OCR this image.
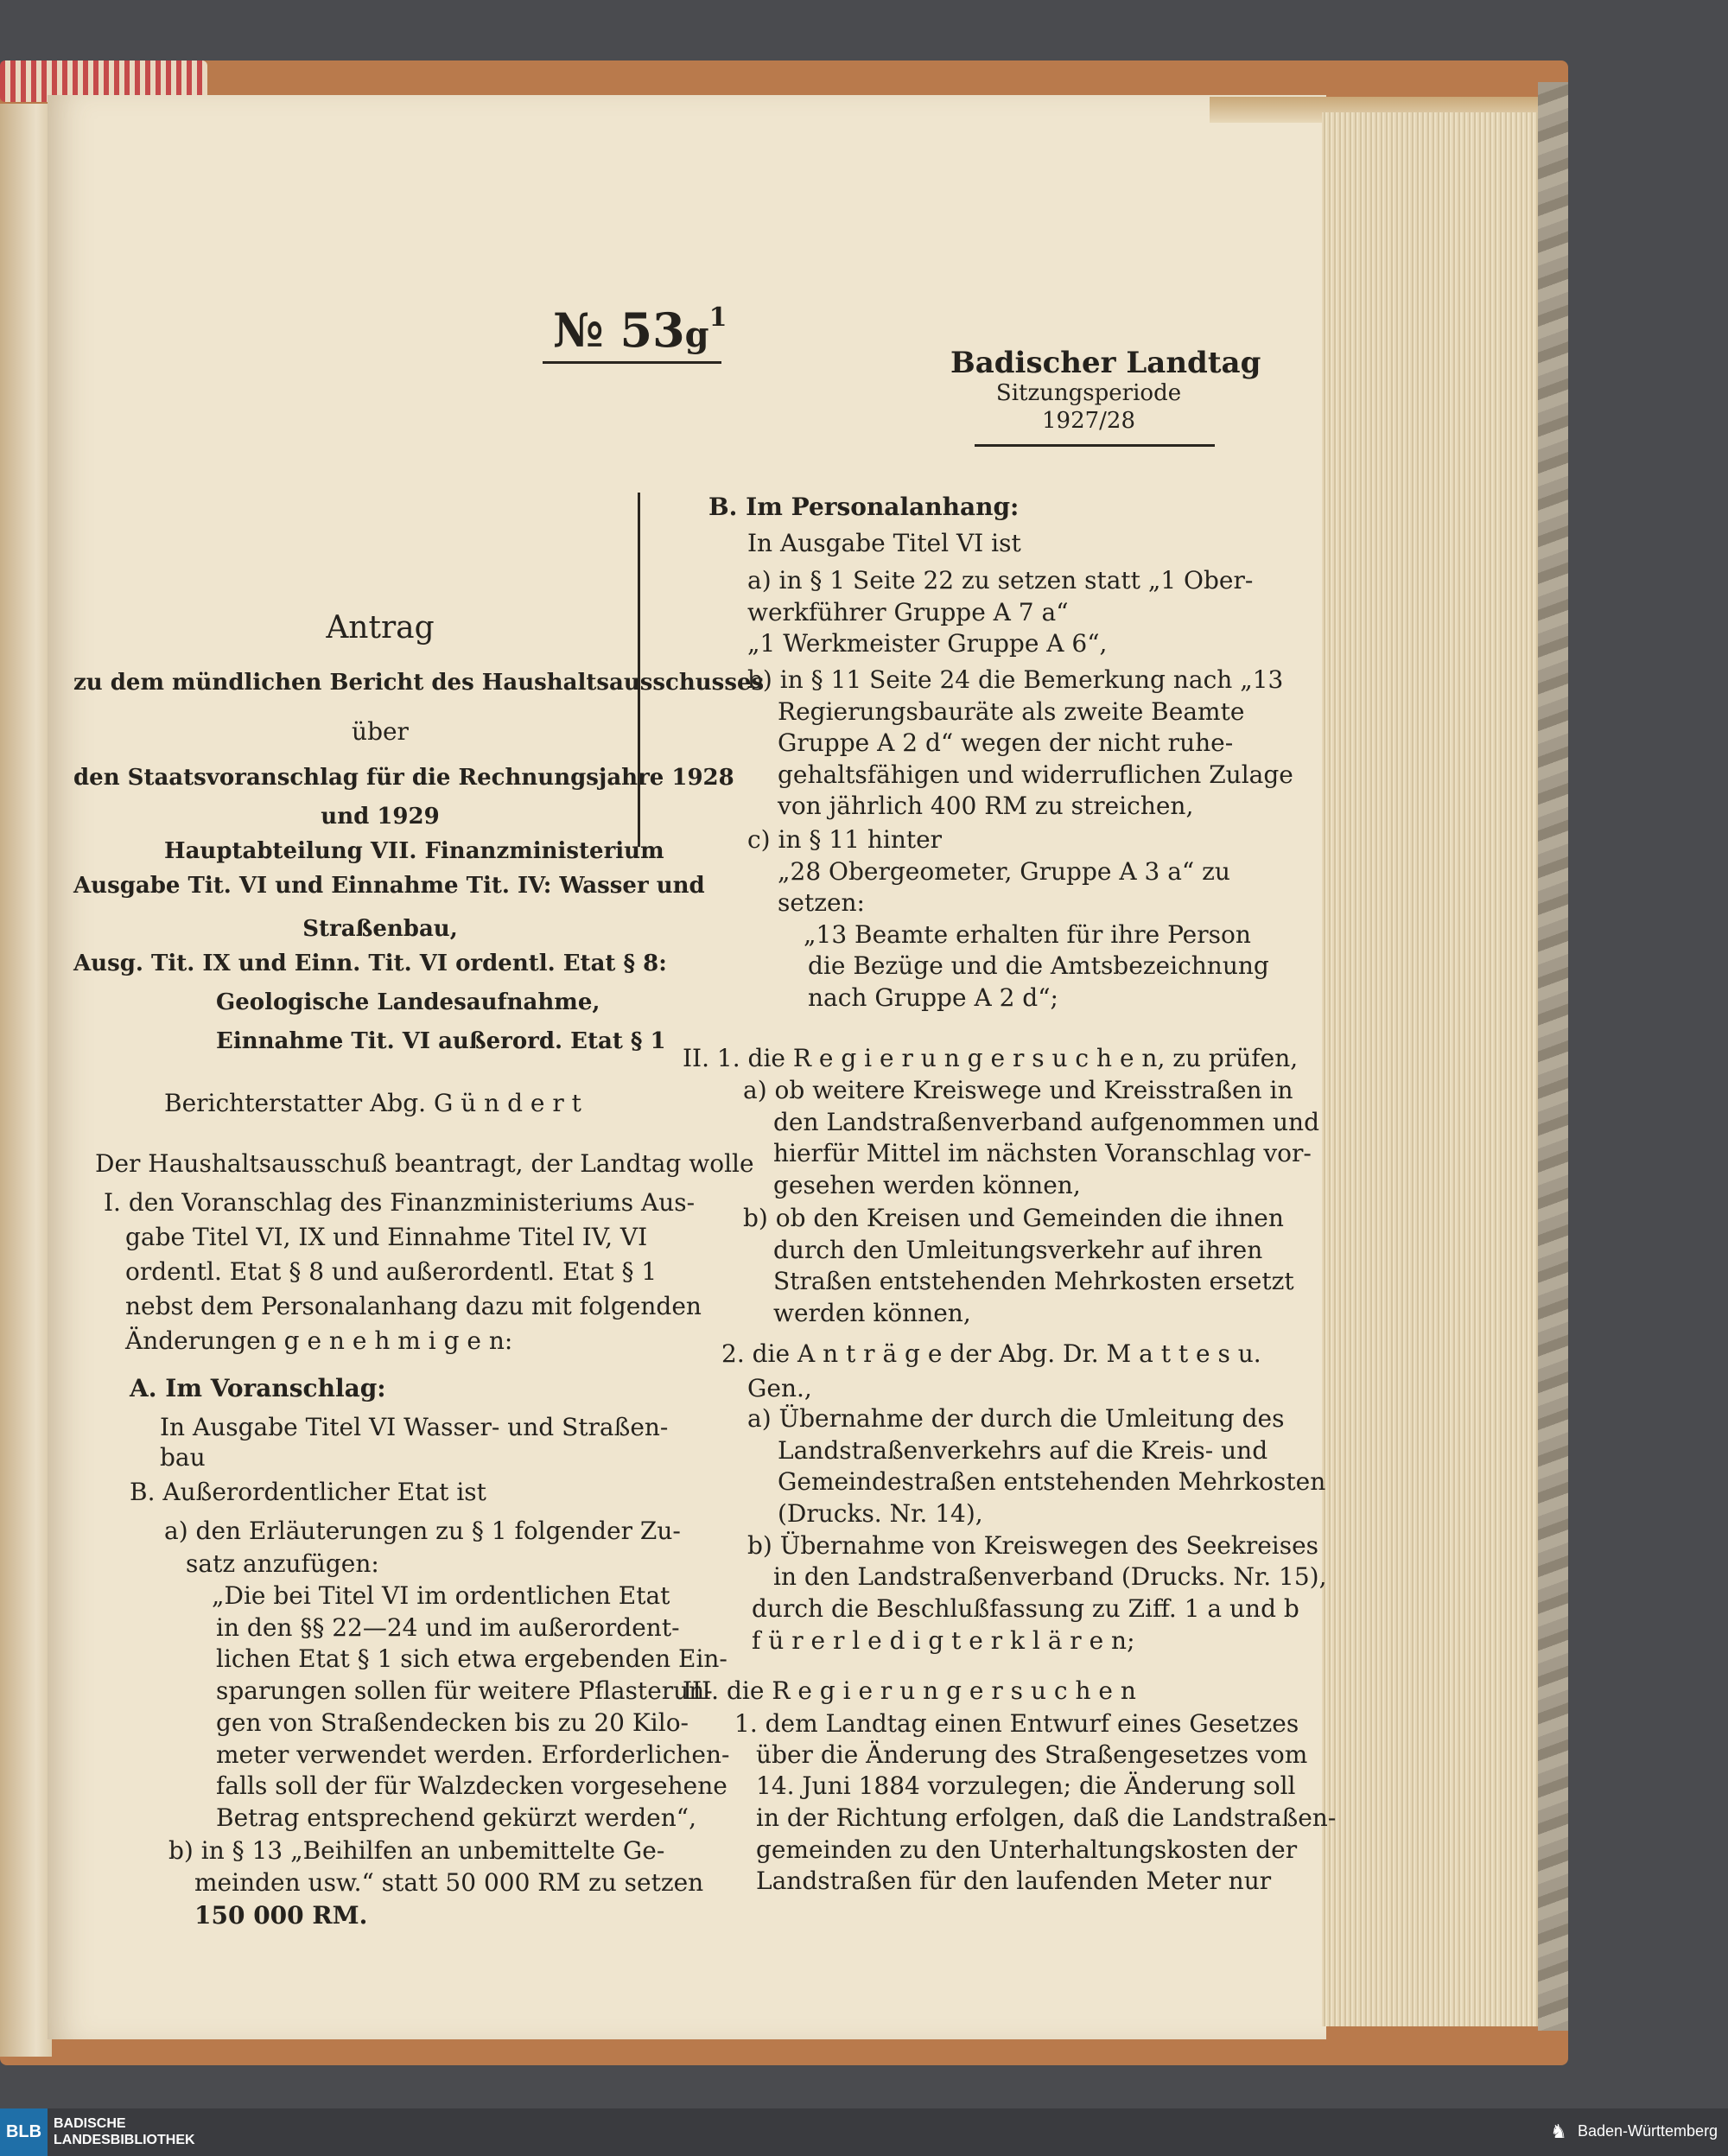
№ $53g^1$
Badischer Landtag
Sitzungsperiode
1927/28
Antrag
zu dem mündlichen Bericht des Haushaltsausschusses
über
den Staatsvoranschlag für die Rechnungsjahre 1928
und 1929
Hauptabteilung VII. Finanzministerium
Ausgabe Tit. VI und Einnahme Tit. IV: Wasser und
Straßenbau,
Ausg. Tit. IX und Einn. Tit. VI ordentl. Etat § 8:
Geologische Landesaufnahme,
Einnahme Tit. VI außerord. Etat § 1
Berichterstatter Abg. G ü n d e r t
Der Haushaltsausschuß beantragt, der Landtag wolle
I. den Voranschlag des Finanzministeriums Aus-
gabe Titel VI, IX und Einnahme Titel IV, VI
ordentl. Etat § 8 und außerordentl. Etat § 1
nebst dem Personalanhang dazu mit folgenden
Änderungen g e n e h m i g e n:
A. Im Voranschlag:
In Ausgabe Titel VI Wasser- und Straßen-
bau
B. Außerordentlicher Etat ist
a) den Erläuterungen zu § 1 folgender Zu-
satz anzufügen:
„Die bei Titel VI im ordentlichen Etat
in den §§ 22—24 und im außerordent-
lichen Etat § 1 sich etwa ergebenden Ein-
sparungen sollen für weitere Pflasterun-
gen von Straßendecken bis zu 20 Kilo-
meter verwendet werden. Erforderlichen-
falls soll der für Walzdecken vorgesehene
Betrag entsprechend gekürzt werden“,
b) in § 13 „Beihilfen an unbemittelte Ge-
meinden usw.“ statt 50 000 RM zu setzen
150 000 RM.
B. Im Personalanhang:
In Ausgabe Titel VI ist
a) in § 1 Seite 22 zu setzen statt „1 Ober-
werkführer Gruppe A 7 a“
„1 Werkmeister Gruppe A 6“,
b) in § 11 Seite 24 die Bemerkung nach „13
Regierungsbauräte als zweite Beamte
Gruppe A 2 d“ wegen der nicht ruhe-
gehaltsfähigen und widerruflichen Zulage
von jährlich 400 RM zu streichen,
c) in § 11 hinter
„28 Obergeometer, Gruppe A 3 a“ zu
setzen:
„13 Beamte erhalten für ihre Person
die Bezüge und die Amtsbezeichnung
nach Gruppe A 2 d“;
II. 1. die R e g i e r u n g e r s u c h e n, zu prüfen,
a) ob weitere Kreiswege und Kreisstraßen in
den Landstraßenverband aufgenommen und
hierfür Mittel im nächsten Voranschlag vor-
gesehen werden können,
b) ob den Kreisen und Gemeinden die ihnen
durch den Umleitungsverkehr auf ihren
Straßen entstehenden Mehrkosten ersetzt
werden können,
2. die A n t r ä g e der Abg. Dr. M a t t e s u.
Gen.,
a) Übernahme der durch die Umleitung des
Landstraßenverkehrs auf die Kreis- und
Gemeindestraßen entstehenden Mehrkosten
(Drucks. Nr. 14),
b) Übernahme von Kreiswegen des Seekreises
in den Landstraßenverband (Drucks. Nr. 15),
durch die Beschlußfassung zu Ziff. 1 a und b
f ü r e r l e d i g t e r k l ä r e n;
III. die R e g i e r u n g e r s u c h e n
1. dem Landtag einen Entwurf eines Gesetzes
über die Änderung des Straßengesetzes vom
14. Juni 1884 vorzulegen; die Änderung soll
in der Richtung erfolgen, daß die Landstraßen-
gemeinden zu den Unterhaltungskosten der
Landstraßen für den laufenden Meter nur
BLB BADISCHE
LANDESBIBLIOTHEK	♞ Baden-Württemberg
